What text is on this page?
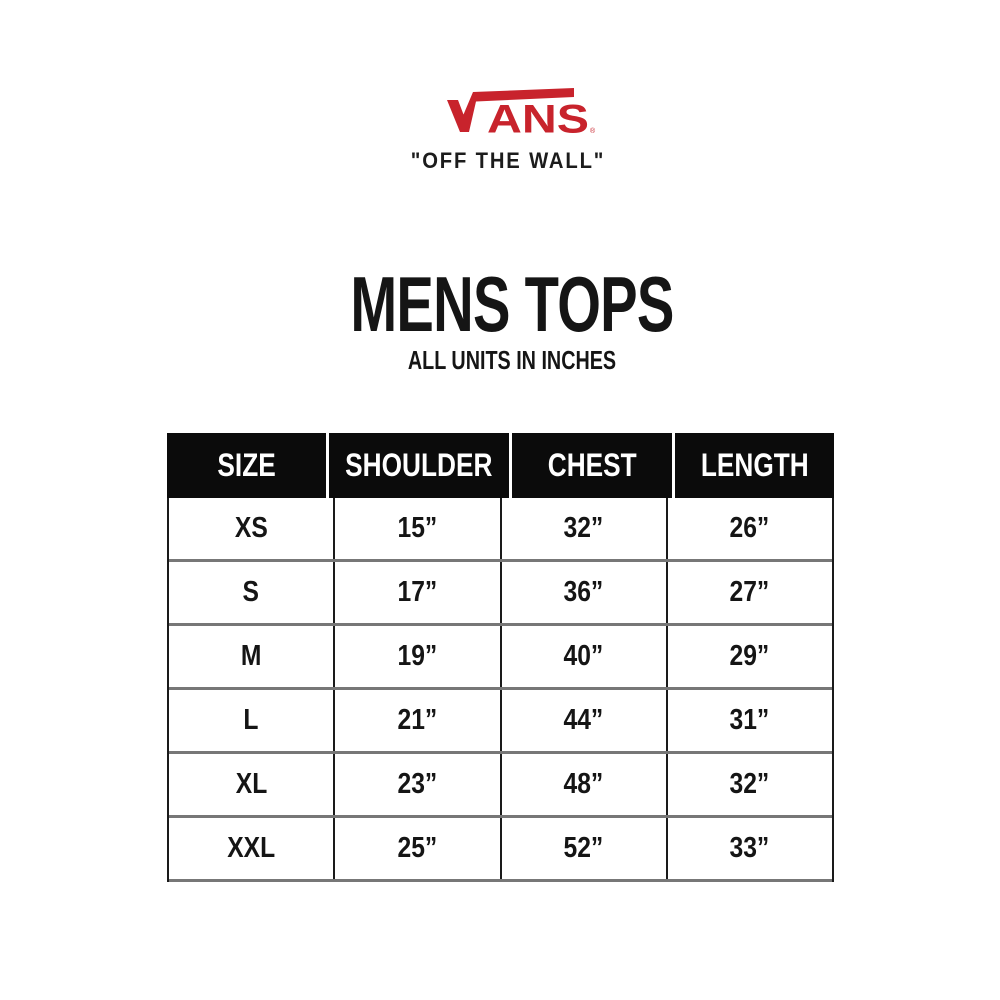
ANS ®
"OFF THE WALL"
MENS TOPS
ALL UNITS IN INCHES
SIZE SHOULDER CHEST LENGTH
XS	15”	32”	26”
S	17”	36”	27”
M	19”	40”	29”
L	21”	44”	31”
XL	23”	48”	32”
XXL	25”	52”	33”
